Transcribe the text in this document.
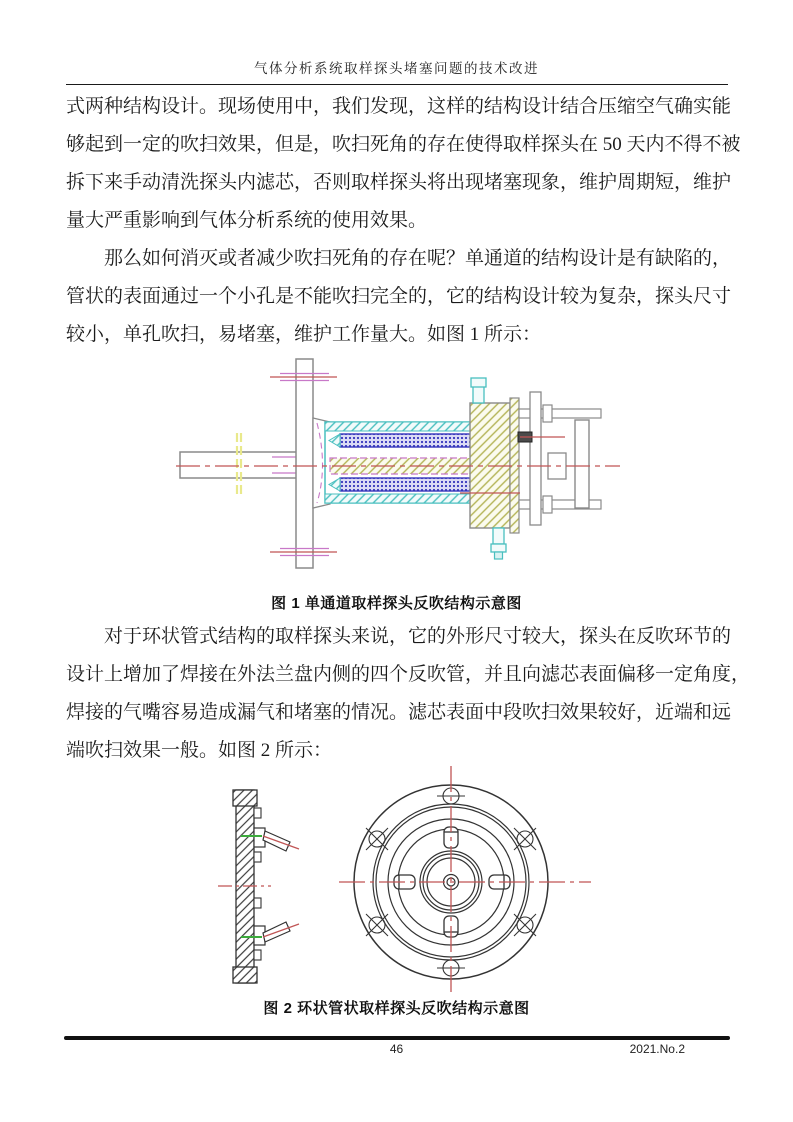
气体分析系统取样探头堵塞问题的技术改进

式两种结构设计。现场使用中，我们发现，这样的结构设计结合压缩空气确实能

够起到一定的吹扫效果，但是，吹扫死角的存在使得取样探头在 50 天内不得不被

拆下来手动清洗探头内滤芯，否则取样探头将出现堵塞现象，维护周期短，维护

量大严重影响到气体分析系统的使用效果。

那么如何消灭或者减少吹扫死角的存在呢？单通道的结构设计是有缺陷的，

管状的表面通过一个小孔是不能吹扫完全的，它的结构设计较为复杂，探头尺寸

较小，单孔吹扫，易堵塞，维护工作量大。如图 1 所示：

图 1 单通道取样探头反吹结构示意图

对于环状管式结构的取样探头来说，它的外形尺寸较大，探头在反吹环节的

设计上增加了焊接在外法兰盘内侧的四个反吹管，并且向滤芯表面偏移一定角度，

焊接的气嘴容易造成漏气和堵塞的情况。滤芯表面中段吹扫效果较好，近端和远

端吹扫效果一般。如图 2 所示：

图 2 环状管状取样探头反吹结构示意图
46	2021.No.2
